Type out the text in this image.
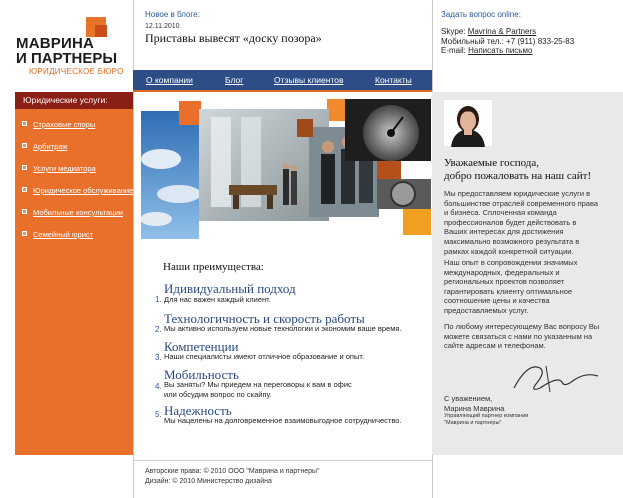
МАВРИНА
И ПАРТНЕРЫ
ЮРИДИЧЕСКОЕ БЮРО
Новое в блоге:
12.11.2010
Приставы вывесят «доску позора»
Задать вопрос online:
Skype: Mavrina & Partners
Мобильный тел.: +7 (911) 833-25-83
E-mail: Написать письмо
О компании	Блог	Отзывы клиентов	Контакты
Страховые споры
Арбитраж
Услуги медиатора
Юридическое обслуживание
Мобильные консультации
Семейный юрист
Юридические услуги:
Наши преимущества:
1.
Идивидуальный подход
Для нас важен каждый клиент.
2.
Технологичность и скорость работы
Мы активно используем новые технологии и экономим ваше время.
3.
Компетенции
Наши специалисты имеют отличное образование и опыт.
4.
Мобильность
Вы заняты? Мы приедем на переговоры к вам в офис
или обсудим вопрос по скайпу.
5. Надежность
Мы нацелены на долговременное взаимовыгодное сотрудничество.
Уважаемые господа,
добро пожаловать на наш сайт!
Мы предоставляем юридические услуги в
большинстве отраслей современного права
и бизнеса. Сплоченная команда
профессионалов будет действовать в
Ваших интересах для достижения
максимально возможного результата в
рамках каждой конкретной ситуации.
Наш опыт в сопровождении значимых
международных, федеральных и
региональных проектов позволяет
гарантировать клиенту оптимальное
соотношение цены и качества
предоставляемых услуг.
По любому интересующему Вас вопросу Вы
можете связаться с нами по указанным на
сайте адресам и телефонам.
С уважением,
Марина Маврина
Управляющий партнер компании
"Маврина и партнеры"
Авторские права: © 2010 ООО "Маврина и партнеры"
Дизайн: © 2010 Министерство дизайна
